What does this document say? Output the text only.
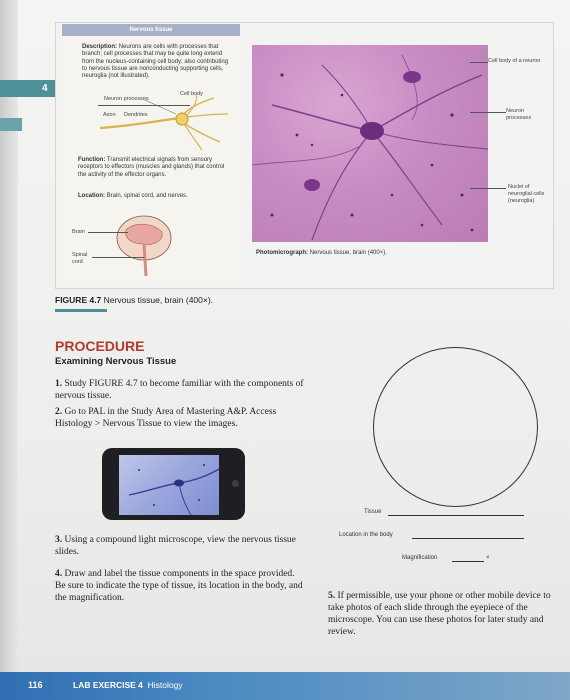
4
Nervous tissue
Description: Neurons are cells with processes that branch; cell processes that may be quite long extend from the nucleus-containing cell body; also contributing to nervous tissue are nonconducting supporting cells, neuroglia (not illustrated).
Cell body
Neuron processes
Axon Dendrites
Function: Transmit electrical signals from sensory receptors to effectors (muscles and glands) that control the activity of the effector organs.
Location: Brain, spinal cord, and nerves.
Brain
Spinal cord
Cell body of a neuron
Neuron processes
Nuclei of neuroglial cells (neuroglia)
Photomicrograph: Nervous tissue, brain (400×).
FIGURE 4.7 Nervous tissue, brain (400×).
PROCEDURE
Examining Nervous Tissue
1. Study FIGURE 4.7 to become familiar with the components of nervous tissue.
2. Go to PAL in the Study Area of Mastering A&P. Access Histology > Nervous Tissue to view the images.
3. Using a compound light microscope, view the nervous tissue slides.
4. Draw and label the tissue components in the space provided. Be sure to indicate the type of tissue, its location in the body, and the magnification.	5. If permissible, use your phone or other mobile device to take photos of each slide through the eyepiece of the microscope. You can use these photos for later study and review.
Tissue
Location in the body
Magnification	×
116	LAB EXERCISE 4 Histology
